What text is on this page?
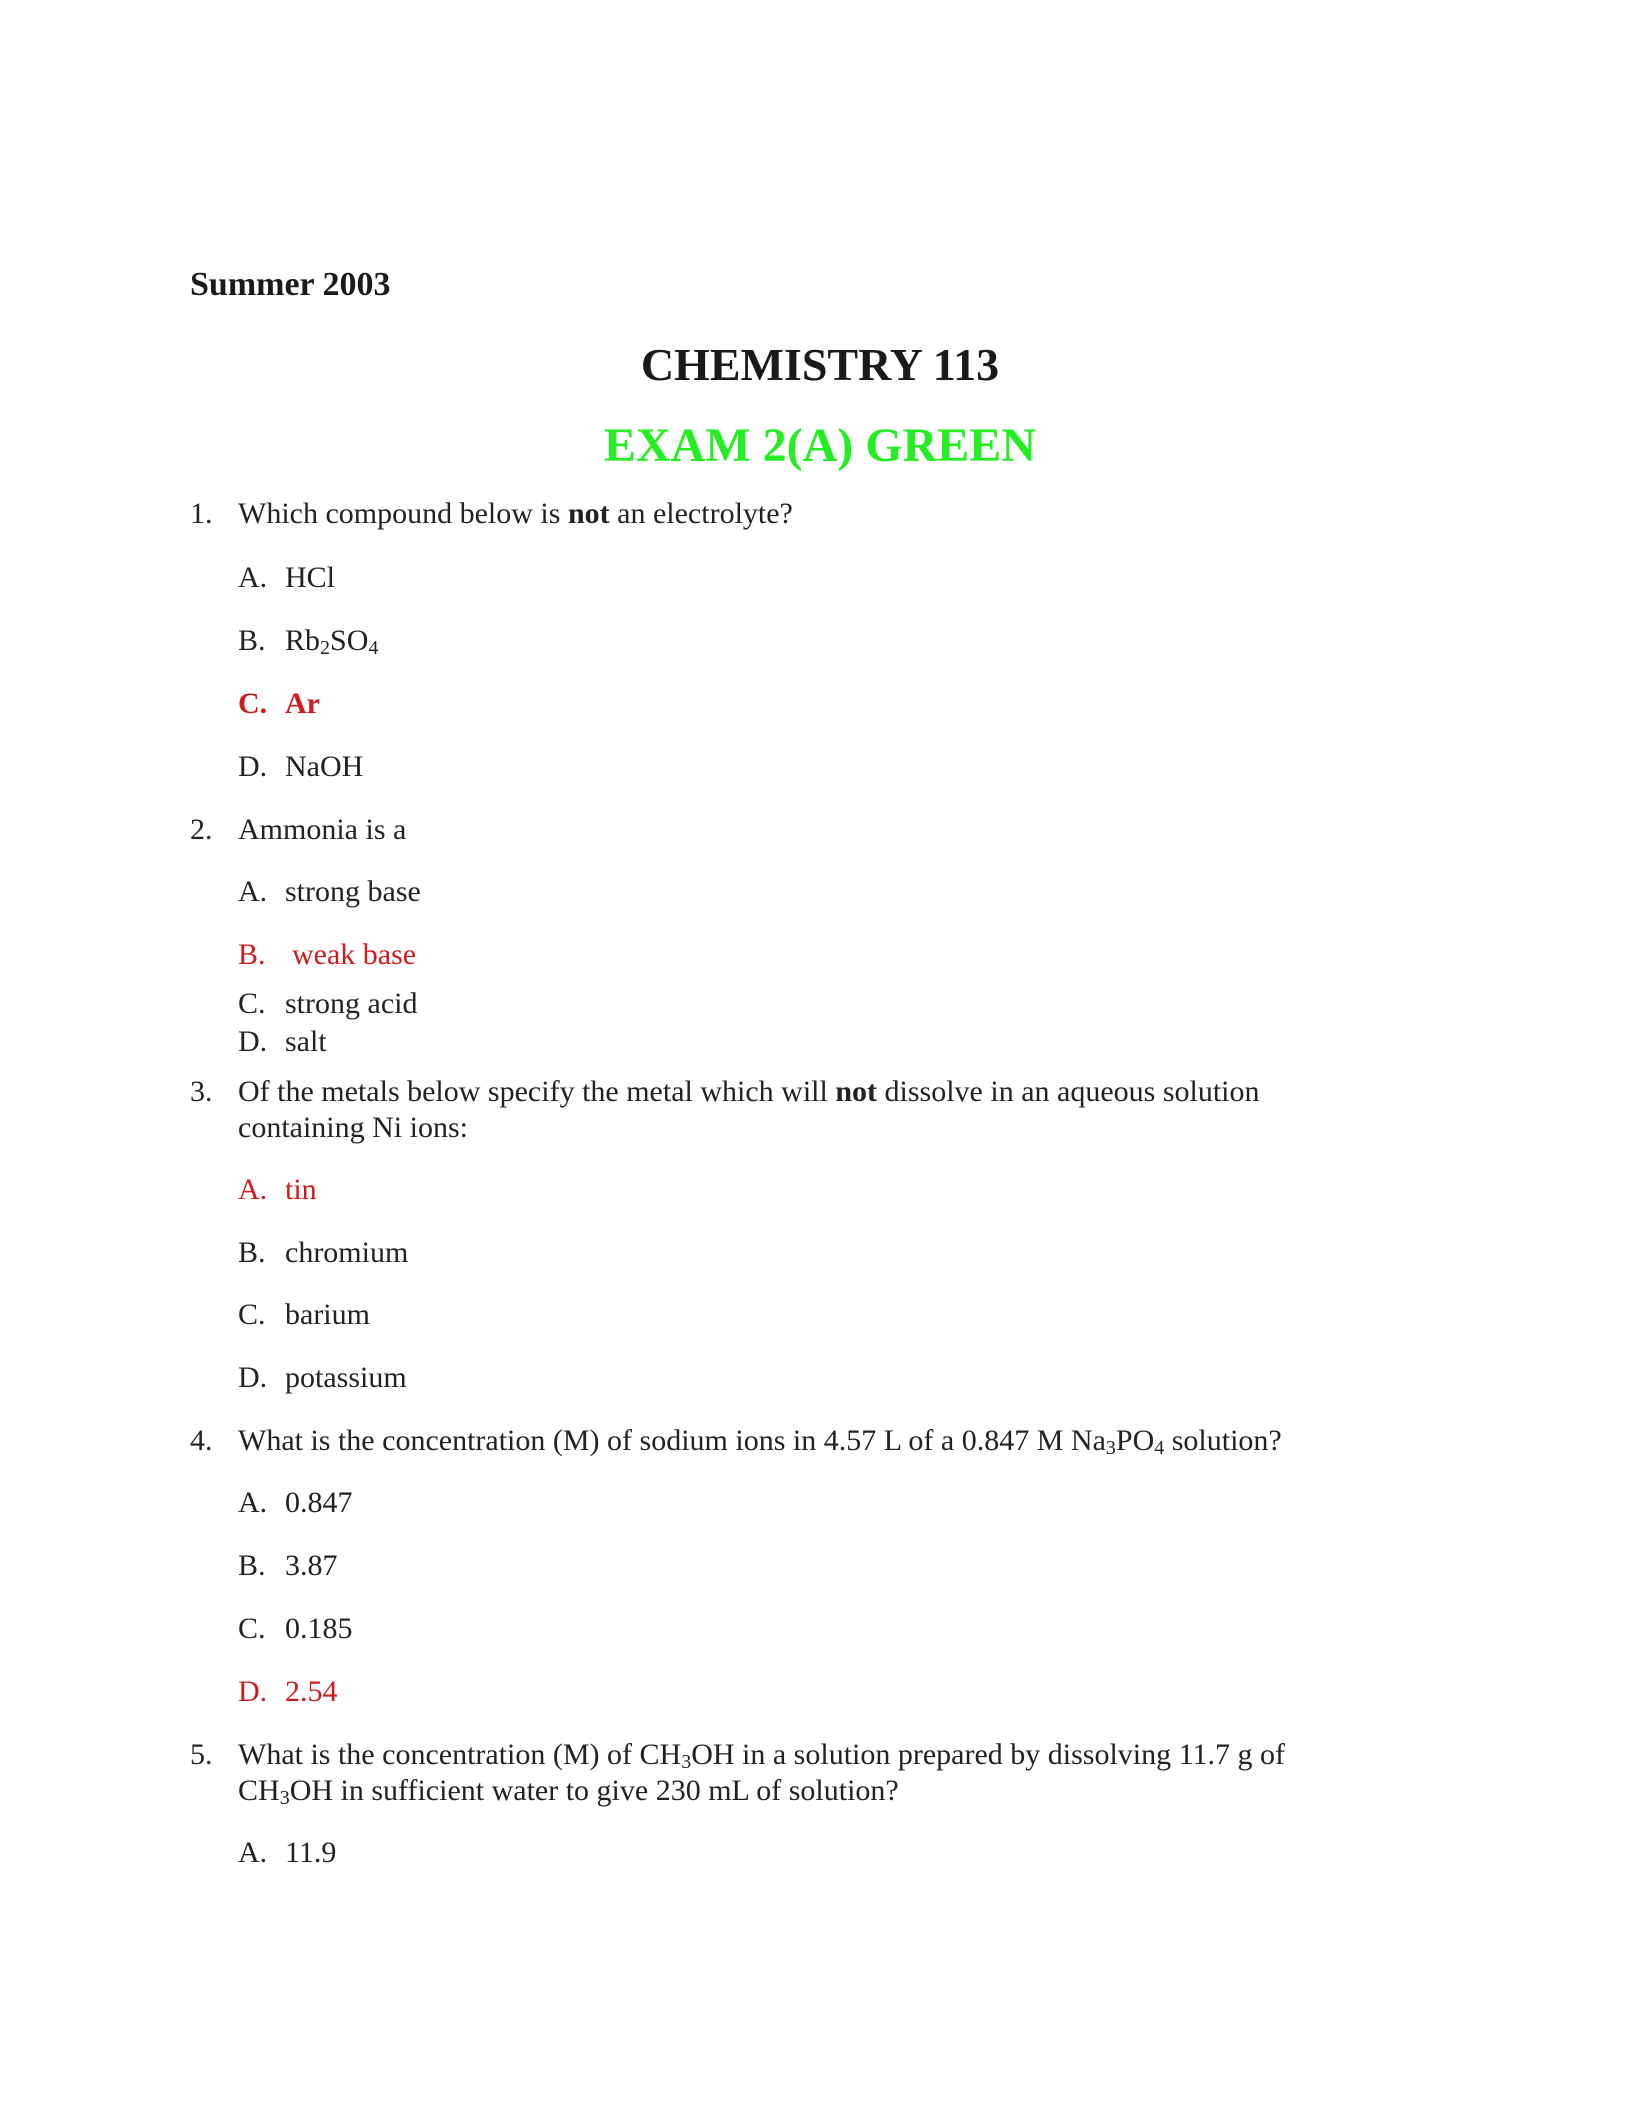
Summer 2003
CHEMISTRY 113
EXAM 2(A) GREEN
1. Which compound below is not an electrolyte?
A. HCl
B. $Rb_2SO_4$
C. Ar
D. NaOH
2. Ammonia is a
A. strong base
B. weak base
C. strong acid
D. salt
3. Of the metals below specify the metal which will not dissolve in an aqueous solution
containing Ni ions:
A. tin
B. chromium
C. barium
D. potassium
4. What is the concentration (M) of sodium ions in 4.57 L of a 0.847 M $Na_3PO_4$ solution?
A. 0.847
B. 3.87
C. 0.185
D. 2.54
5. What is the concentration (M) of $CH_3OH$ in a solution prepared by dissolving 11.7 g of
$CH_3OH$ in sufficient water to give 230 mL of solution?
A. 11.9
